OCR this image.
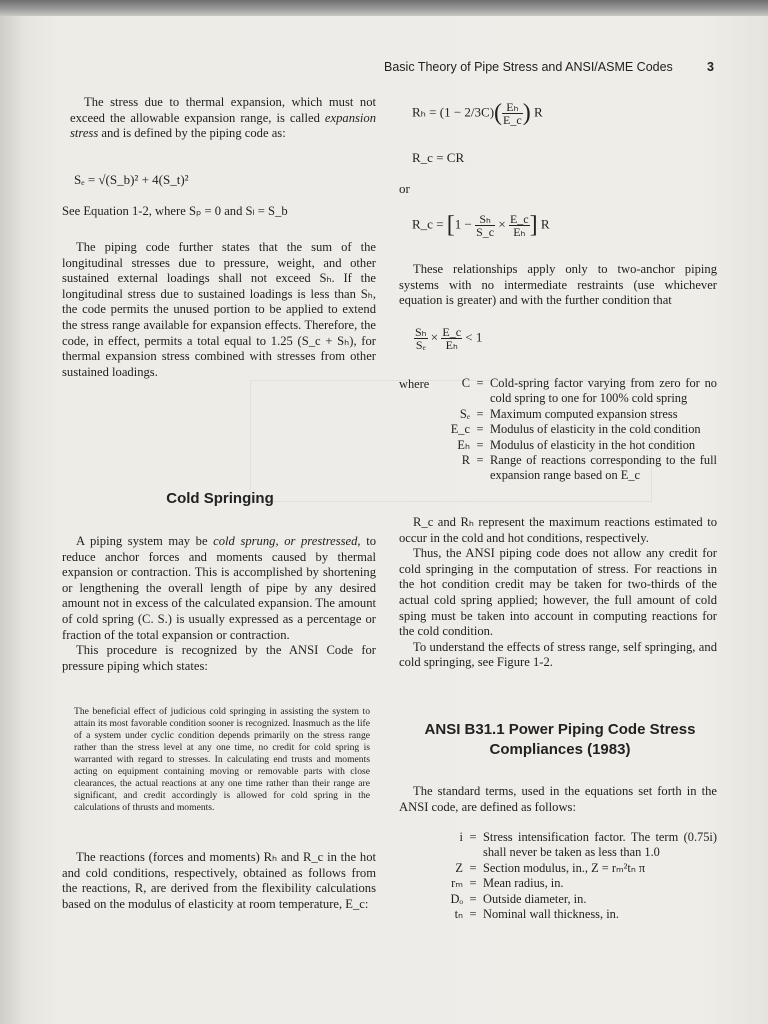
Basic Theory of Pipe Stress and ANSI/ASME Codes	3

The stress due to thermal expansion, which must not exceed the allowable expansion range, is called expansion stress and is defined by the piping code as:

Sₑ = √(S_b)² + 4(S_t)²
See Equation 1-2, where Sₚ = 0 and Sₗ = S_b

The piping code further states that the sum of the longitudinal stresses due to pressure, weight, and other sustained external loadings shall not exceed Sₕ. If the longitudinal stress due to sustained loadings is less than Sₕ, the code permits the unused portion to be applied to extend the stress range available for expansion effects. Therefore, the code, in effect, permits a total equal to 1.25 (S_c + Sₕ), for thermal expansion stress combined with stresses from other sustained loadings.

Cold Springing

A piping system may be cold sprung, or prestressed, to reduce anchor forces and moments caused by thermal expansion or contraction. This is accomplished by shortening or lengthening the overall length of pipe by any desired amount not in excess of the calculated expansion. The amount of cold spring (C. S.) is usually expressed as a percentage or fraction of the total expansion or contraction.

This procedure is recognized by the ANSI Code for pressure piping which states:

The beneficial effect of judicious cold springing in assisting the system to attain its most favorable condition sooner is recognized. Inasmuch as the life of a system under cyclic condition depends primarily on the stress range rather than the stress level at any one time, no credit for cold spring is warranted with regard to stresses. In calculating end trusts and moments acting on equipment containing moving or removable parts with close clearances, the actual reactions at any one time rather than their range are significant, and credit accordingly is allowed for cold spring in the calculations of thrusts and moments.

The reactions (forces and moments) Rₕ and R_c in the hot and cold conditions, respectively, obtained as follows from the reactions, R, are derived from the flexibility calculations based on the modulus of elasticity at room temperature, E_c:

$R_h = (1 - 2/3C)( \frac{\text{Eₕ}}{E\_c}$ ) R
R_c = CR
or
R_c = [$1 - \frac{\text{Sₕ}}{S\_c} \times \frac{E\_c}{\text{Eₕ}}$ ] R

These relationships apply only to two-anchor piping systems with no intermediate restraints (use whichever equation is greater) and with the further condition that

$\frac{\text{Sₕ}}{\text{Sₑ}} \times \frac{E\_c}{\text{Eₕ}} < 1$
where	C = Cold-spring factor varying from zero for no cold spring to one for 100% cold spring
Sₑ = Maximum computed expansion stress
E_c = Modulus of elasticity in the cold condition
Eₕ = Modulus of elasticity in the hot condition
R = Range of reactions corresponding to the full expansion range based on E_c

R_c and Rₕ represent the maximum reactions estimated to occur in the cold and hot conditions, respectively.

Thus, the ANSI piping code does not allow any credit for cold springing in the computation of stress. For reactions in the hot condition credit may be taken for two-thirds of the actual cold spring applied; however, the full amount of cold sping must be taken into account in computing reactions for the cold condition.

To understand the effects of stress range, self springing, and cold springing, see Figure 1-2.

ANSI B31.1 Power Piping Code Stress Compliances (1983)

The standard terms, used in the equations set forth in the ANSI code, are defined as follows:

i = Stress intensification factor. The term (0.75i) shall never be taken as less than 1.0
Z = Section modulus, in., Z = rₘ²tₙ π
rₘ = Mean radius, in.
Dₒ = Outside diameter, in.
tₙ = Nominal wall thickness, in.
